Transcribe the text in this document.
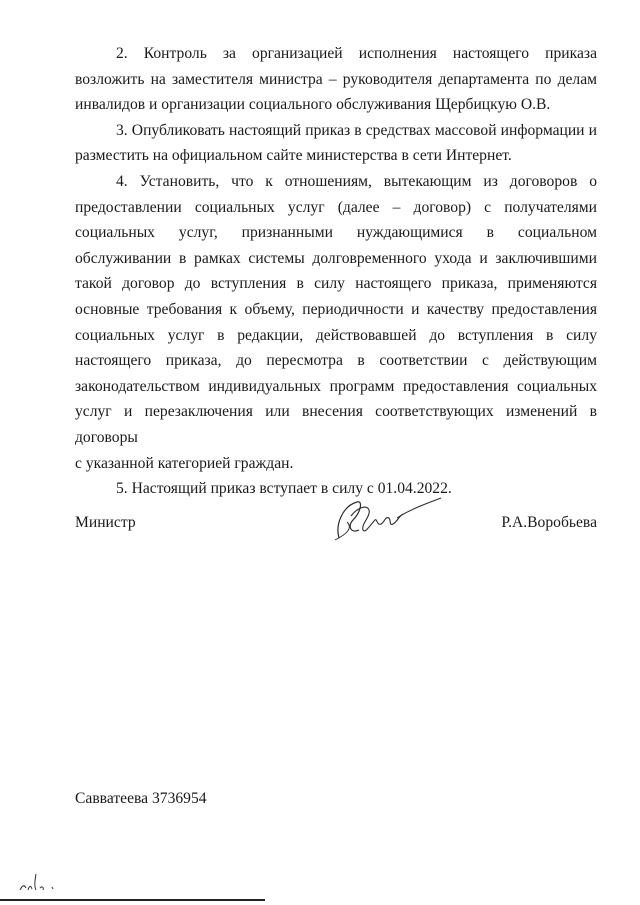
2. Контроль за организацией исполнения настоящего приказа возложить на заместителя министра – руководителя департамента по делам инвалидов и организации социального обслуживания Щербицкую О.В.

3. Опубликовать настоящий приказ в средствах массовой информации и разместить на официальном сайте министерства в сети Интернет.

4. Установить, что к отношениям, вытекающим из договоров о предоставлении социальных услуг (далее – договор) с получателями социальных услуг, признанными нуждающимися в социальном обслуживании в рамках системы долговременного ухода и заключившими такой договор до вступления в силу настоящего приказа, применяются основные требования к объему, периодичности и качеству предоставления социальных услуг в редакции, действовавшей до вступления в силу настоящего приказа, до пересмотра в соответствии с действующим законодательством индивидуальных программ предоставления социальных услуг и перезаключения или внесения соответствующих изменений в договоры
с указанной категорией граждан.

5. Настоящий приказ вступает в силу с 01.04.2022.

Министр	Р.А.Воробьева
Савватеева 3736954
